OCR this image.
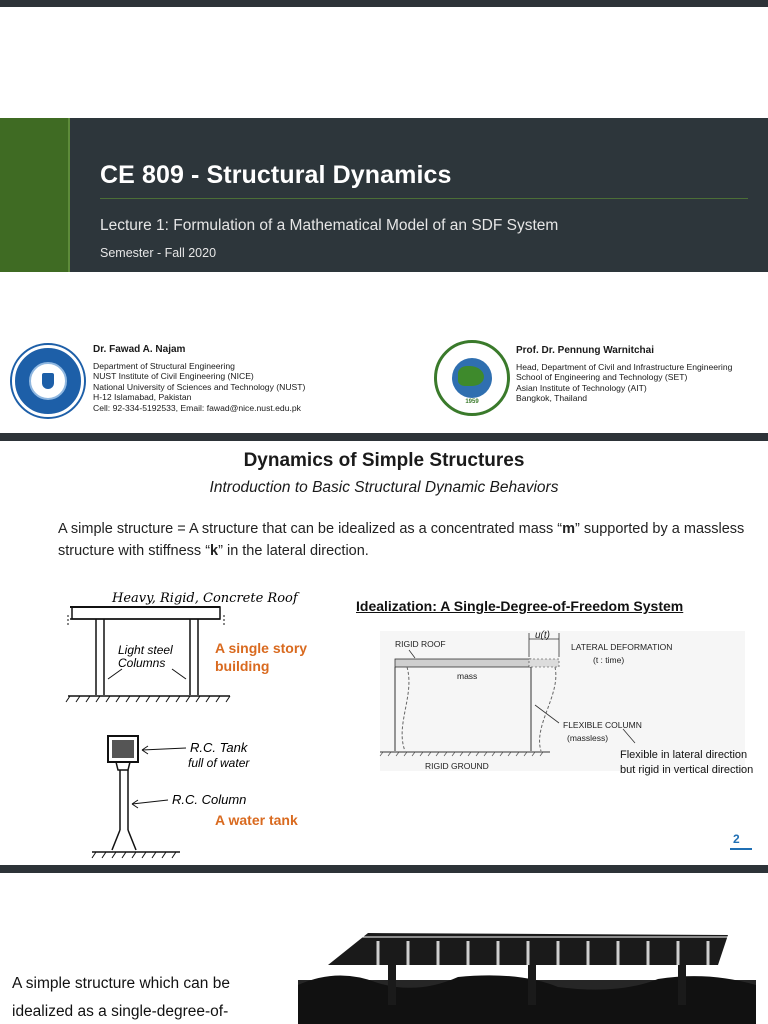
CE 809 - Structural Dynamics
Lecture 1: Formulation of a Mathematical Model of an SDF System
Semester - Fall 2020
Dr. Fawad A. Najam
Department of Structural Engineering
NUST Institute of Civil Engineering (NICE)
National University of Sciences and Technology (NUST)
H-12 Islamabad, Pakistan
Cell: 92-334-5192533, Email: fawad@nice.nust.edu.pk
1959
Prof. Dr. Pennung Warnitchai
Head, Department of Civil and Infrastructure Engineering
School of Engineering and Technology (SET)
Asian Institute of Technology (AIT)
Bangkok, Thailand
Dynamics of Simple Structures
Introduction to Basic Structural Dynamic Behaviors
A simple structure = A structure that can be idealized as a concentrated mass “m” supported by a massless structure with stiffness “k” in the lateral direction.
Heavy, Rigid, Concrete Roof
Light steel
Columns
A single story
building
R.C. Tank
full of water
R.C. Column
A water tank
Idealization: A Single-Degree-of-Freedom System
RIGID ROOF
u(t)
LATERAL DEFORMATION
(t : time)
mass
FLEXIBLE COLUMN
(massless)
RIGID GROUND
Flexible in lateral direction
but rigid in vertical direction
2
A simple structure which can be idealized as a single-degree-of-
